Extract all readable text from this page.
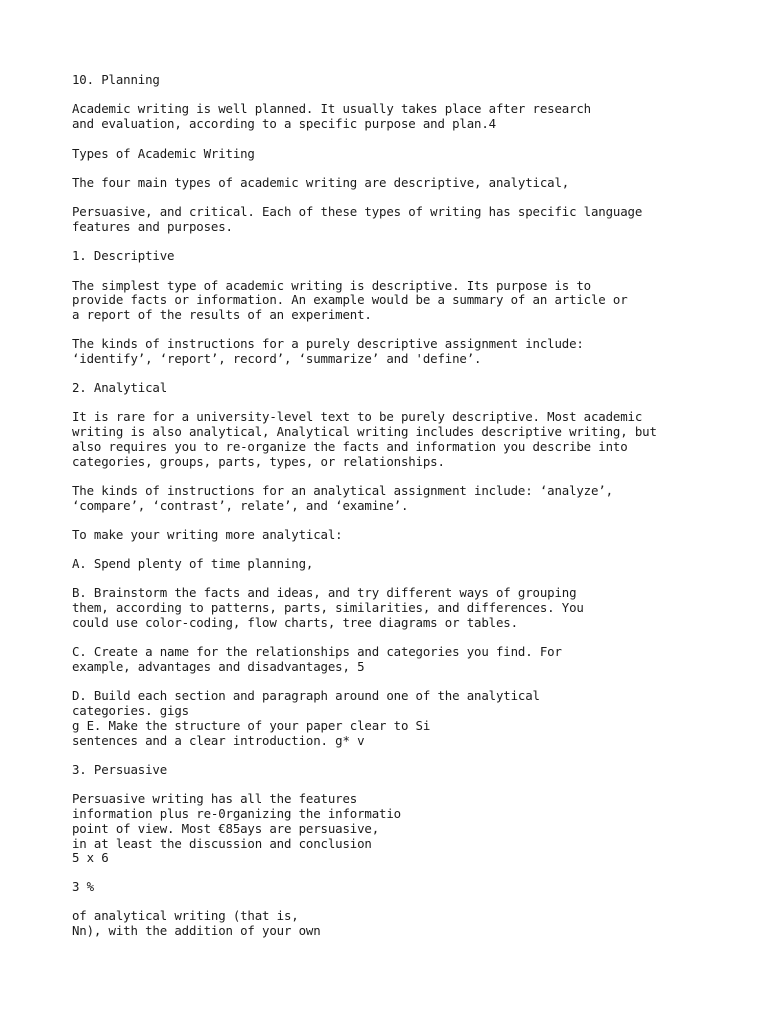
10. Planning

Academic writing is well planned. It usually takes place after research

and evaluation, according to a specific purpose and plan.4

Types of Academic Writing

The four main types of academic writing are descriptive, analytical,

Persuasive, and critical. Each of these types of writing has specific language

features and purposes.

1. Descriptive

The simplest type of academic writing is descriptive. Its purpose is to

provide facts or information. An example would be a summary of an article or

a report of the results of an experiment.

The kinds of instructions for a purely descriptive assignment include:

‘identify’, ‘report’, record’, ‘summarize’ and 'define’.

2. Analytical

It is rare for a university-level text to be purely descriptive. Most academic

writing is also analytical, Analytical writing includes descriptive writing, but

also requires you to re-organize the facts and information you describe into

categories, groups, parts, types, or relationships.

The kinds of instructions for an analytical assignment include: ‘analyze’,

‘compare’, ‘contrast’, relate’, and ‘examine’.

To make your writing more analytical:

A. Spend plenty of time planning,

B. Brainstorm the facts and ideas, and try different ways of grouping

them, according to patterns, parts, similarities, and differences. You

could use color-coding, flow charts, tree diagrams or tables.

C. Create a name for the relationships and categories you find. For

example, advantages and disadvantages, 5

D. Build each section and paragraph around one of the analytical

categories. gigs

g E. Make the structure of your paper clear to Si

sentences and a clear introduction. g* v

3. Persuasive

Persuasive writing has all the features

information plus re-0rganizing the informatio

point of view. Most €85ays are persuasive,

in at least the discussion and conclusion

5 x 6

3 %

of analytical writing (that is,

Nn), with the addition of your own
